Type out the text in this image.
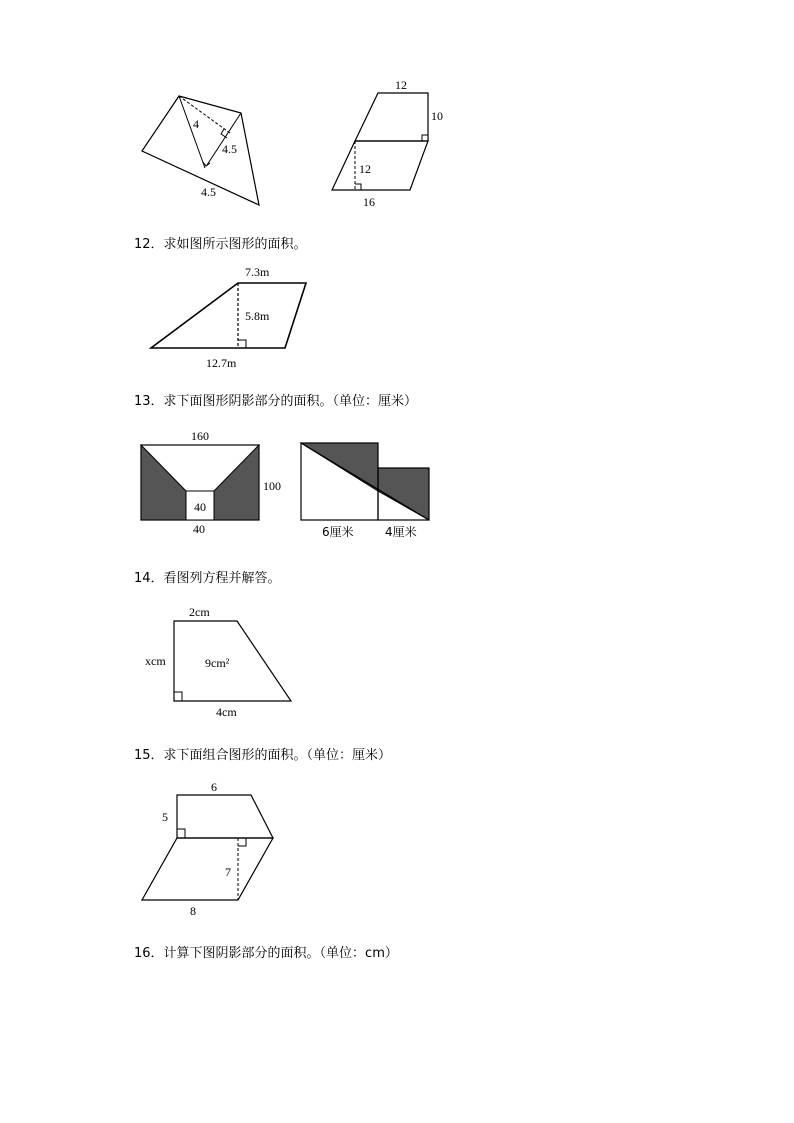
4
4.5
4.5
12
10
12
16
12．求如图所示图形的面积。
7.3m
5.8m
12.7m
13．求下面图形阴影部分的面积。（单位：厘米）
160
100
40
40	6厘米	4厘米
14．看图列方程并解答。
2cm
xcm	9cm²
4cm
15．求下面组合图形的面积。（单位：厘米）
6
5
7
8
16．计算下图阴影部分的面积。（单位：cm）
